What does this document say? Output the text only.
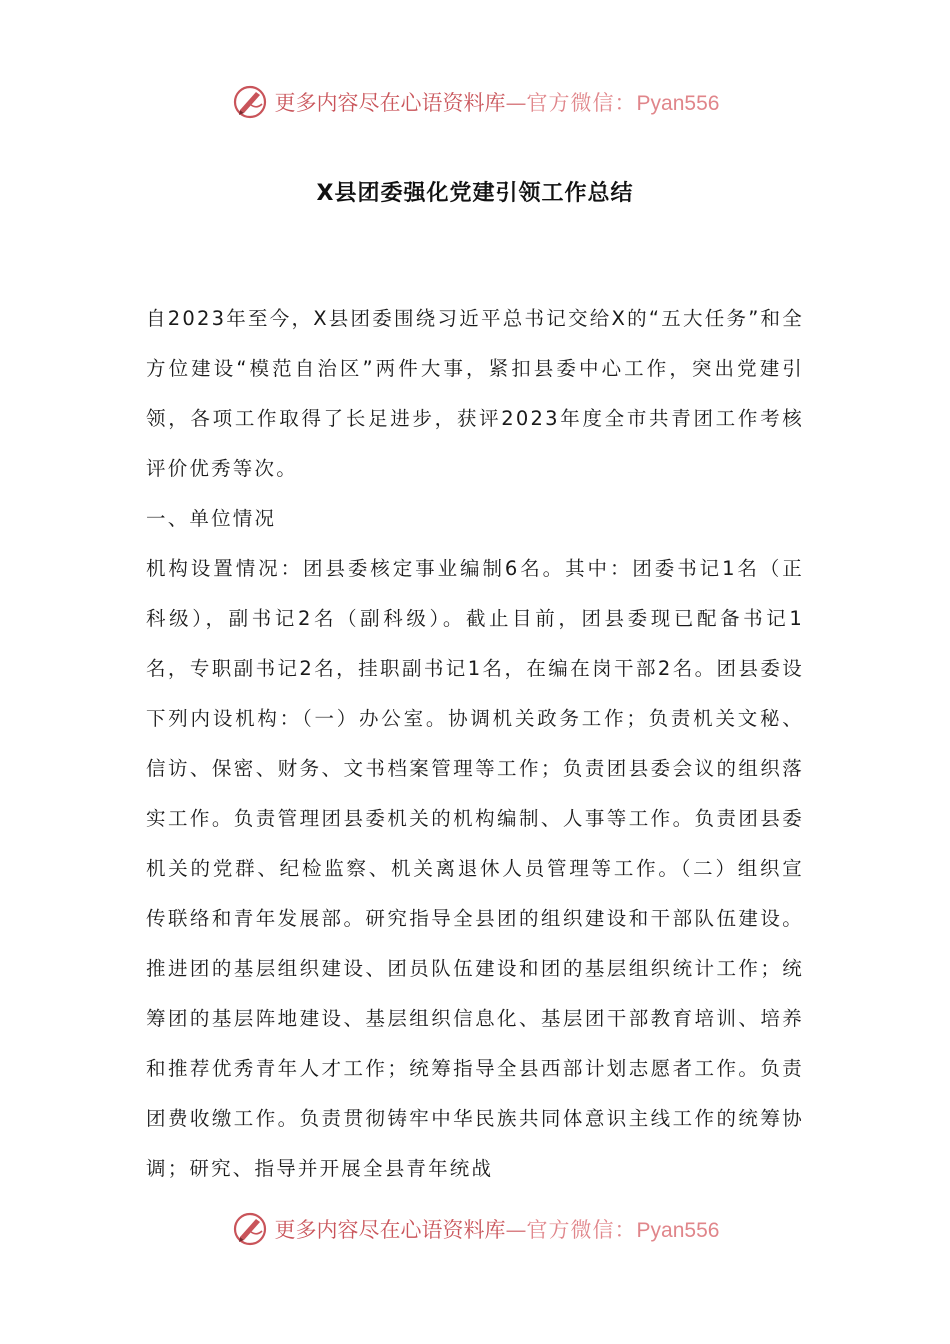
更多内容尽在心语资料库 — 官方微信： Pyan556
X县团委强化党建引领工作总结

自2023年至今，X县团委围绕习近平总书记交给X的“五大任务”和全方位建设“模范自治区”两件大事，紧扣县委中心工作，突出党建引领，各项工作取得了长足进步，获评2023年度全市共青团工作考核评价优秀等次。

一、单位情况

机构设置情况：团县委核定事业编制6名。其中：团委书记1名（正科级），副书记2名（副科级）。截止目前，团县委现已配备书记1名，专职副书记2名，挂职副书记1名，在编在岗干部2名。团县委设下列内设机构：（一）办公室。协调机关政务工作；负责机关文秘、信访、保密、财务、文书档案管理等工作；负责团县委会议的组织落实工作。负责管理团县委机关的机构编制、人事等工作。负责团县委机关的党群、纪检监察、机关离退休人员管理等工作。（二）组织宣传联络和青年发展部。研究指导全县团的组织建设和干部队伍建设。推进团的基层组织建设、团员队伍建设和团的基层组织统计工作；统筹团的基层阵地建设、基层组织信息化、基层团干部教育培训、培养和推荐优秀青年人才工作；统筹指导全县西部计划志愿者工作。负责团费收缴工作。负责贯彻铸牢中华民族共同体意识主线工作的统筹协调；研究、指导并开展全县青年统战

更多内容尽在心语资料库 — 官方微信： Pyan556
